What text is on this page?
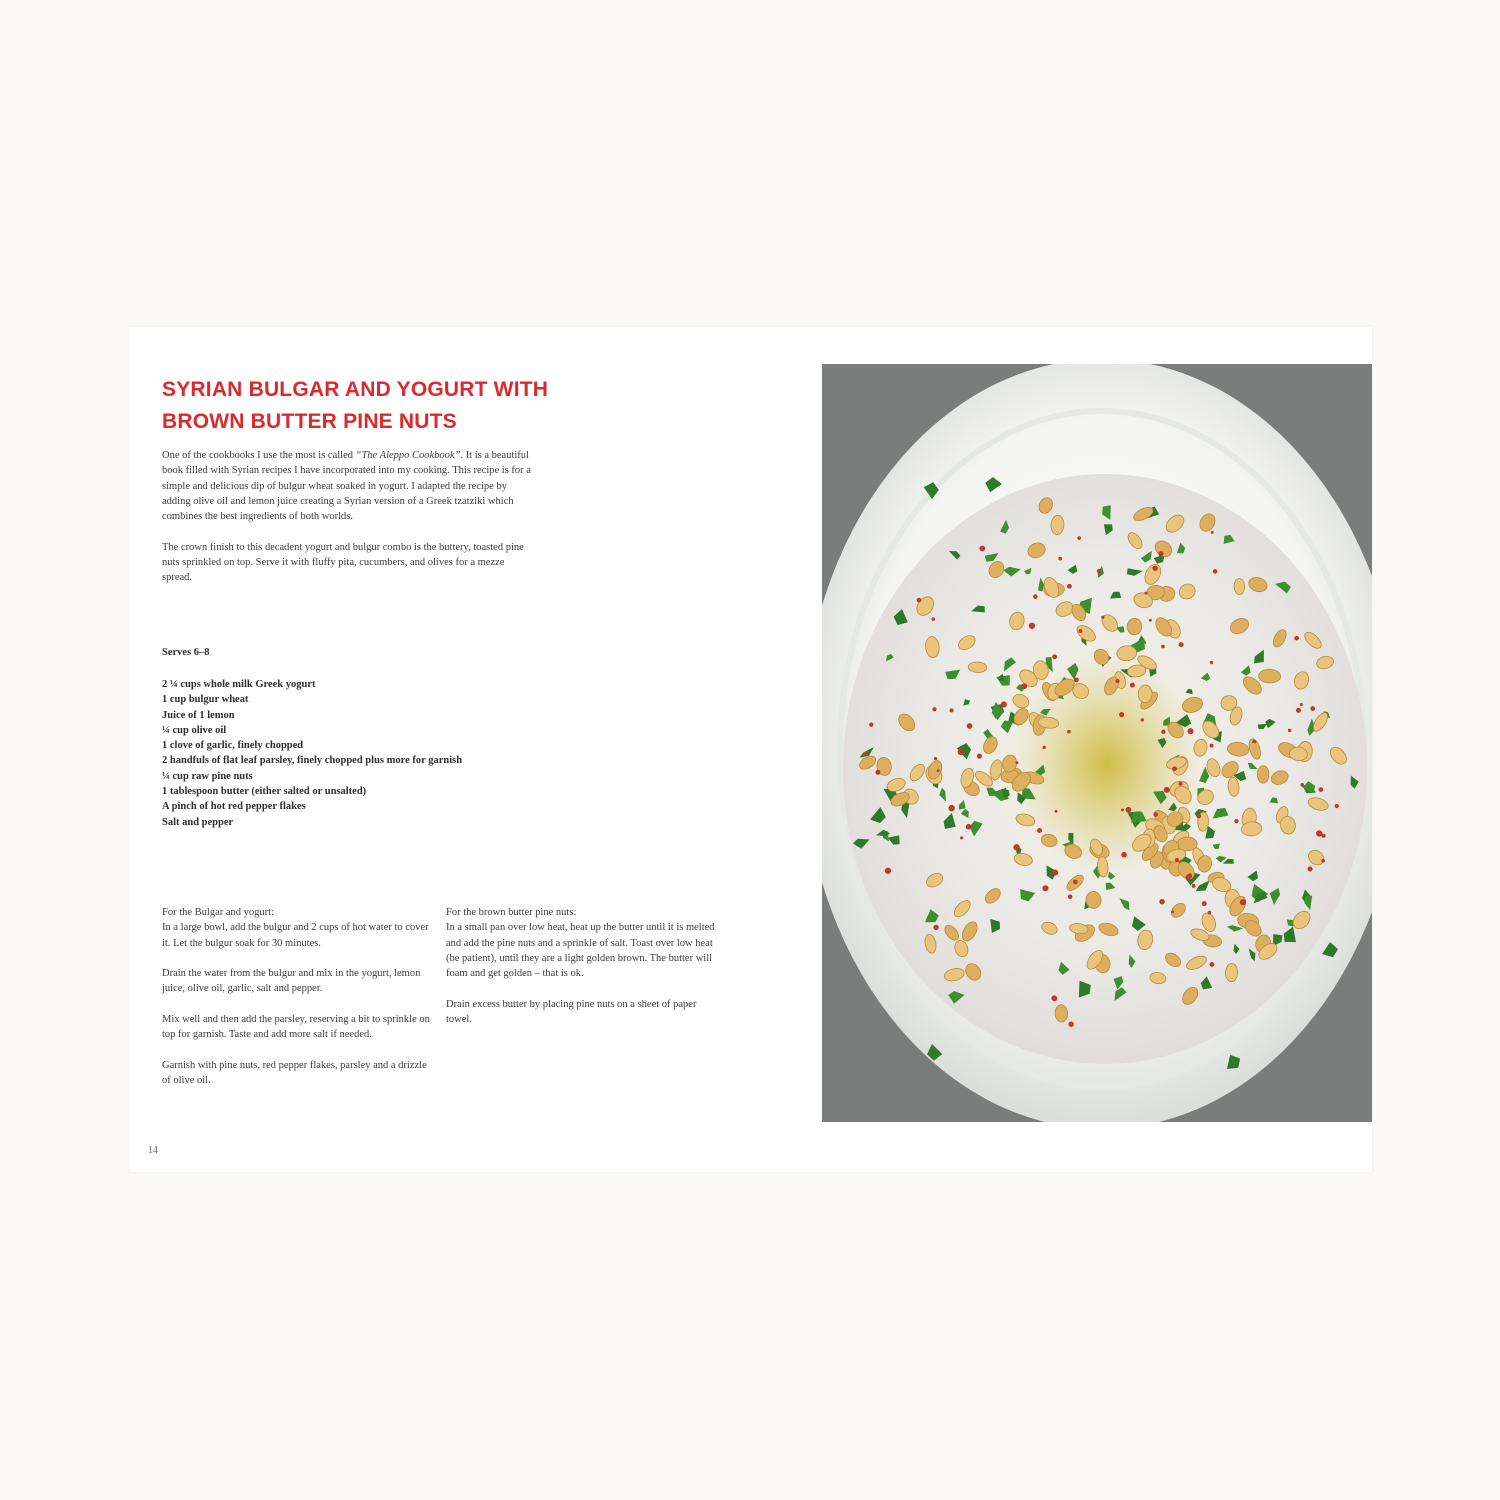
SYRIAN BULGAR AND YOGURT WITH
BROWN BUTTER PINE NUTS

One of the cookbooks I use the most is called “The Aleppo Cookbook”. It is a beautiful book filled with Syrian recipes I have incorporated into my cooking. This recipe is for a simple and delicious dip of bulgur wheat soaked in yogurt. I adapted the recipe by adding olive oil and lemon juice creating a Syrian version of a Greek tzatziki which combines the best ingredients of both worlds.

The crown finish to this decadent yogurt and bulgur combo is the buttery, toasted pine nuts sprinkled on top. Serve it with fluffy pita, cucumbers, and olives for a mezze spread.

Serves 6–8
2 ¼ cups whole milk Greek yogurt
1 cup bulgur wheat
Juice of 1 lemon
¼ cup olive oil
1 clove of garlic, finely chopped
2 handfuls of flat leaf parsley, finely chopped plus more for garnish
¼ cup raw pine nuts
1 tablespoon butter (either salted or unsalted)
A pinch of hot red pepper flakes
Salt and pepper

For the Bulgar and yogurt:
In a large bowl, add the bulgur and 2 cups of hot water to cover it. Let the bulgur soak for 30 minutes.

Drain the water from the bulgur and mix in the yogurt, lemon juice, olive oil, garlic, salt and pepper.

Mix well and then add the parsley, reserving a bit to sprinkle on top for garnish. Taste and add more salt if needed.

Garnish with pine nuts, red pepper flakes, parsley and a drizzle of olive oil.

For the brown butter pine nuts:
In a small pan over low heat, heat up the butter until it is melted and add the pine nuts and a sprinkle of salt. Toast over low heat (be patient), until they are a light golden brown. The butter will foam and get golden – that is ok.

Drain excess butter by placing pine nuts on a sheet of paper towel.

14
